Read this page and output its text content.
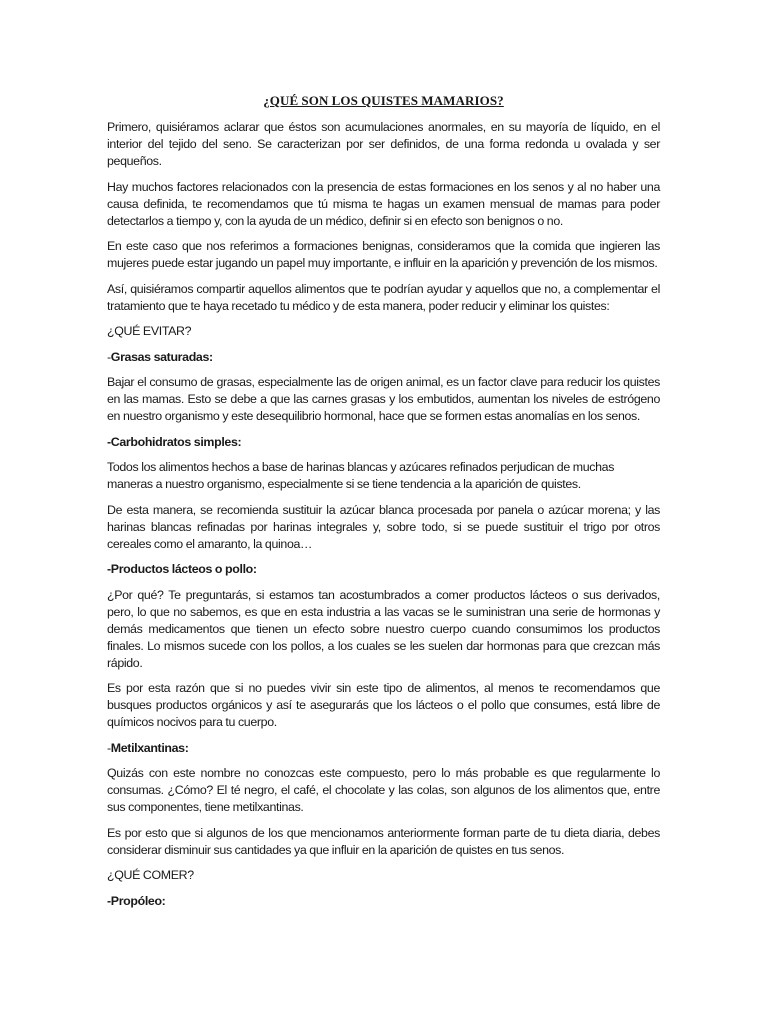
¿QUÉ SON LOS QUISTES MAMARIOS?

Primero, quisiéramos aclarar que éstos son acumulaciones anormales, en su mayoría de líquido, en el interior del tejido del seno. Se caracterizan por ser definidos, de una forma redonda u ovalada y ser pequeños.

Hay muchos factores relacionados con la presencia de estas formaciones en los senos y al no haber una causa definida, te recomendamos que tú misma te hagas un examen mensual de mamas para poder detectarlos a tiempo y, con la ayuda de un médico, definir si en efecto son benignos o no.

En este caso que nos referimos a formaciones benignas, consideramos que la comida que ingieren las mujeres puede estar jugando un papel muy importante, e influir en la aparición y prevención de los mismos.

Así, quisiéramos compartir aquellos alimentos que te podrían ayudar y aquellos que no, a complementar el tratamiento que te haya recetado tu médico y de esta manera, poder reducir y eliminar los quistes:

¿QUÉ EVITAR?
-Grasas saturadas:

Bajar el consumo de grasas, especialmente las de origen animal, es un factor clave para reducir los quistes en las mamas. Esto se debe a que las carnes grasas y los embutidos, aumentan los niveles de estrógeno en nuestro organismo y este desequilibrio hormonal, hace que se formen estas anomalías en los senos.

-Carbohidratos simples:

Todos los alimentos hechos a base de harinas blancas y azúcares refinados perjudican de muchas maneras a nuestro organismo, especialmente si se tiene tendencia a la aparición de quistes.

De esta manera, se recomienda sustituir la azúcar blanca procesada por panela o azúcar morena; y las harinas blancas refinadas por harinas integrales y, sobre todo, si se puede sustituir el trigo por otros cereales como el amaranto, la quinoa…

-Productos lácteos o pollo:

¿Por qué? Te preguntarás, si estamos tan acostumbrados a comer productos lácteos o sus derivados, pero, lo que no sabemos, es que en esta industria a las vacas se le suministran una serie de hormonas y demás medicamentos que tienen un efecto sobre nuestro cuerpo cuando consumimos los productos finales. Lo mismos sucede con los pollos, a los cuales se les suelen dar hormonas para que crezcan más rápido.

Es por esta razón que si no puedes vivir sin este tipo de alimentos, al menos te recomendamos que busques productos orgánicos y así te asegurarás que los lácteos o el pollo que consumes, está libre de químicos nocivos para tu cuerpo.

-Metilxantinas:

Quizás con este nombre no conozcas este compuesto, pero lo más probable es que regularmente lo consumas. ¿Cómo? El té negro, el café, el chocolate y las colas, son algunos de los alimentos que, entre sus componentes, tiene metilxantinas.

Es por esto que si algunos de los que mencionamos anteriormente forman parte de tu dieta diaria, debes considerar disminuir sus cantidades ya que influir en la aparición de quistes en tus senos.

¿QUÉ COMER?
-Propóleo:
